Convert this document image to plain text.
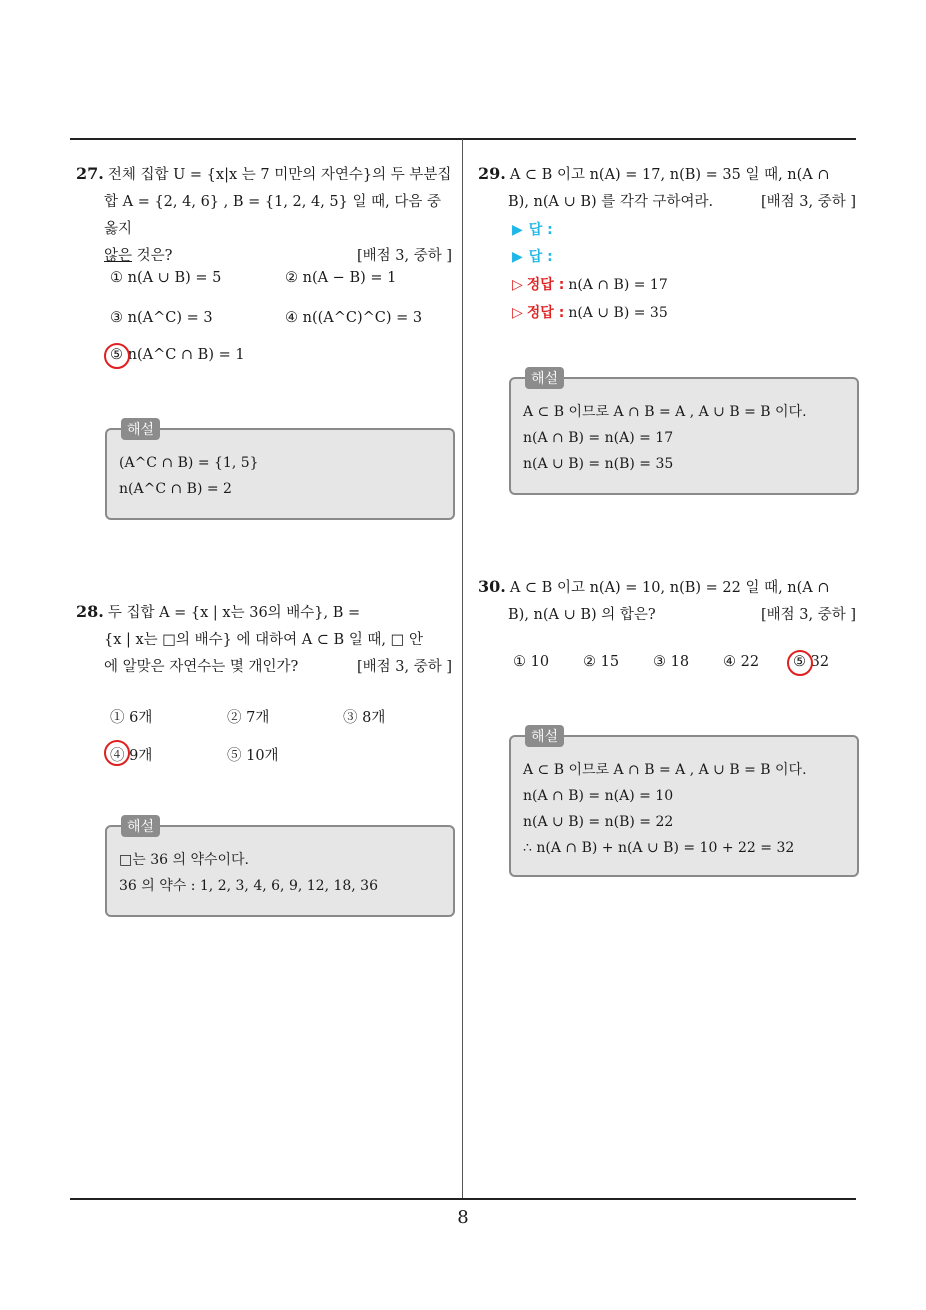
27. 전체 집합 U = {x|x 는 7 미만의 자연수}의 두 부분집
합 A = {2, 4, 6} , B = {1, 2, 4, 5} 일 때, 다음 중 옳지
않은 것은?	[배점 3, 중하 ]
① n(A ∪ B) = 5	② n(A − B) = 1
③ n(A^C) = 3	④ n((A^C)^C) = 3
⑤ n(A^C ∩ B) = 1
해설
(A^C ∩ B) = {1, 5}
n(A^C ∩ B) = 2
28. 두 집합 A = {x | x는 36의 배수}, B =
{x | x는 □의 배수} 에 대하여 A ⊂ B 일 때, □ 안
에 알맞은 자연수는 몇 개인가?	[배점 3, 중하 ]
① 6개	② 7개	③ 8개
④ 9개	⑤ 10개
해설
□는 36 의 약수이다.
36 의 약수 : 1, 2, 3, 4, 6, 9, 12, 18, 36
29. A ⊂ B 이고 n(A) = 17, n(B) = 35 일 때, n(A ∩
B), n(A ∪ B) 를 각각 구하여라.	[배점 3, 중하 ]
▶ 답 :
▶ 답 :
▷ 정답 : n(A ∩ B) = 17
▷ 정답 : n(A ∪ B) = 35
해설
A ⊂ B 이므로 A ∩ B = A , A ∪ B = B 이다.
n(A ∩ B) = n(A) = 17
n(A ∪ B) = n(B) = 35
30. A ⊂ B 이고 n(A) = 10, n(B) = 22 일 때, n(A ∩
B), n(A ∪ B) 의 합은?	[배점 3, 중하 ]
① 10 ② 15 ③ 18 ④ 22 ⑤ 32
해설
A ⊂ B 이므로 A ∩ B = A , A ∪ B = B 이다.
n(A ∩ B) = n(A) = 10
n(A ∪ B) = n(B) = 22
∴ n(A ∩ B) + n(A ∪ B) = 10 + 22 = 32
8
